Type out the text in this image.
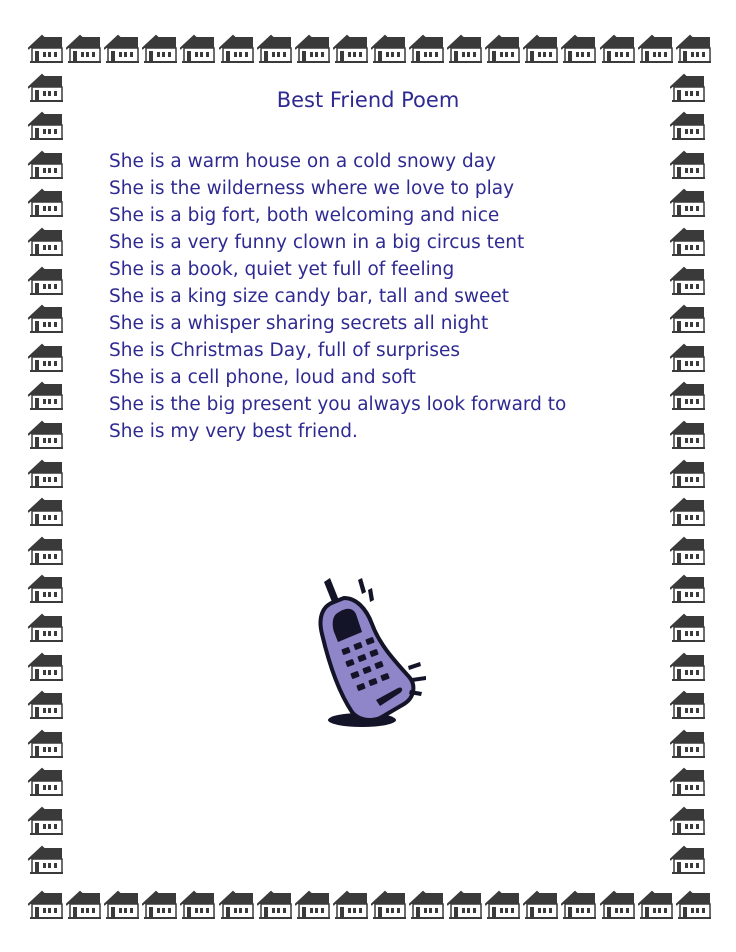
Best Friend Poem
She is a warm house on a cold snowy day
She is the wilderness where we love to play
She is a big fort, both welcoming and nice
She is a very funny clown in a big circus tent
She is a book, quiet yet full of feeling
She is a king size candy bar, tall and sweet
She is a whisper sharing secrets all night
She is Christmas Day, full of surprises
She is a cell phone, loud and soft
She is the big present you always look forward to
She is my very best friend.
